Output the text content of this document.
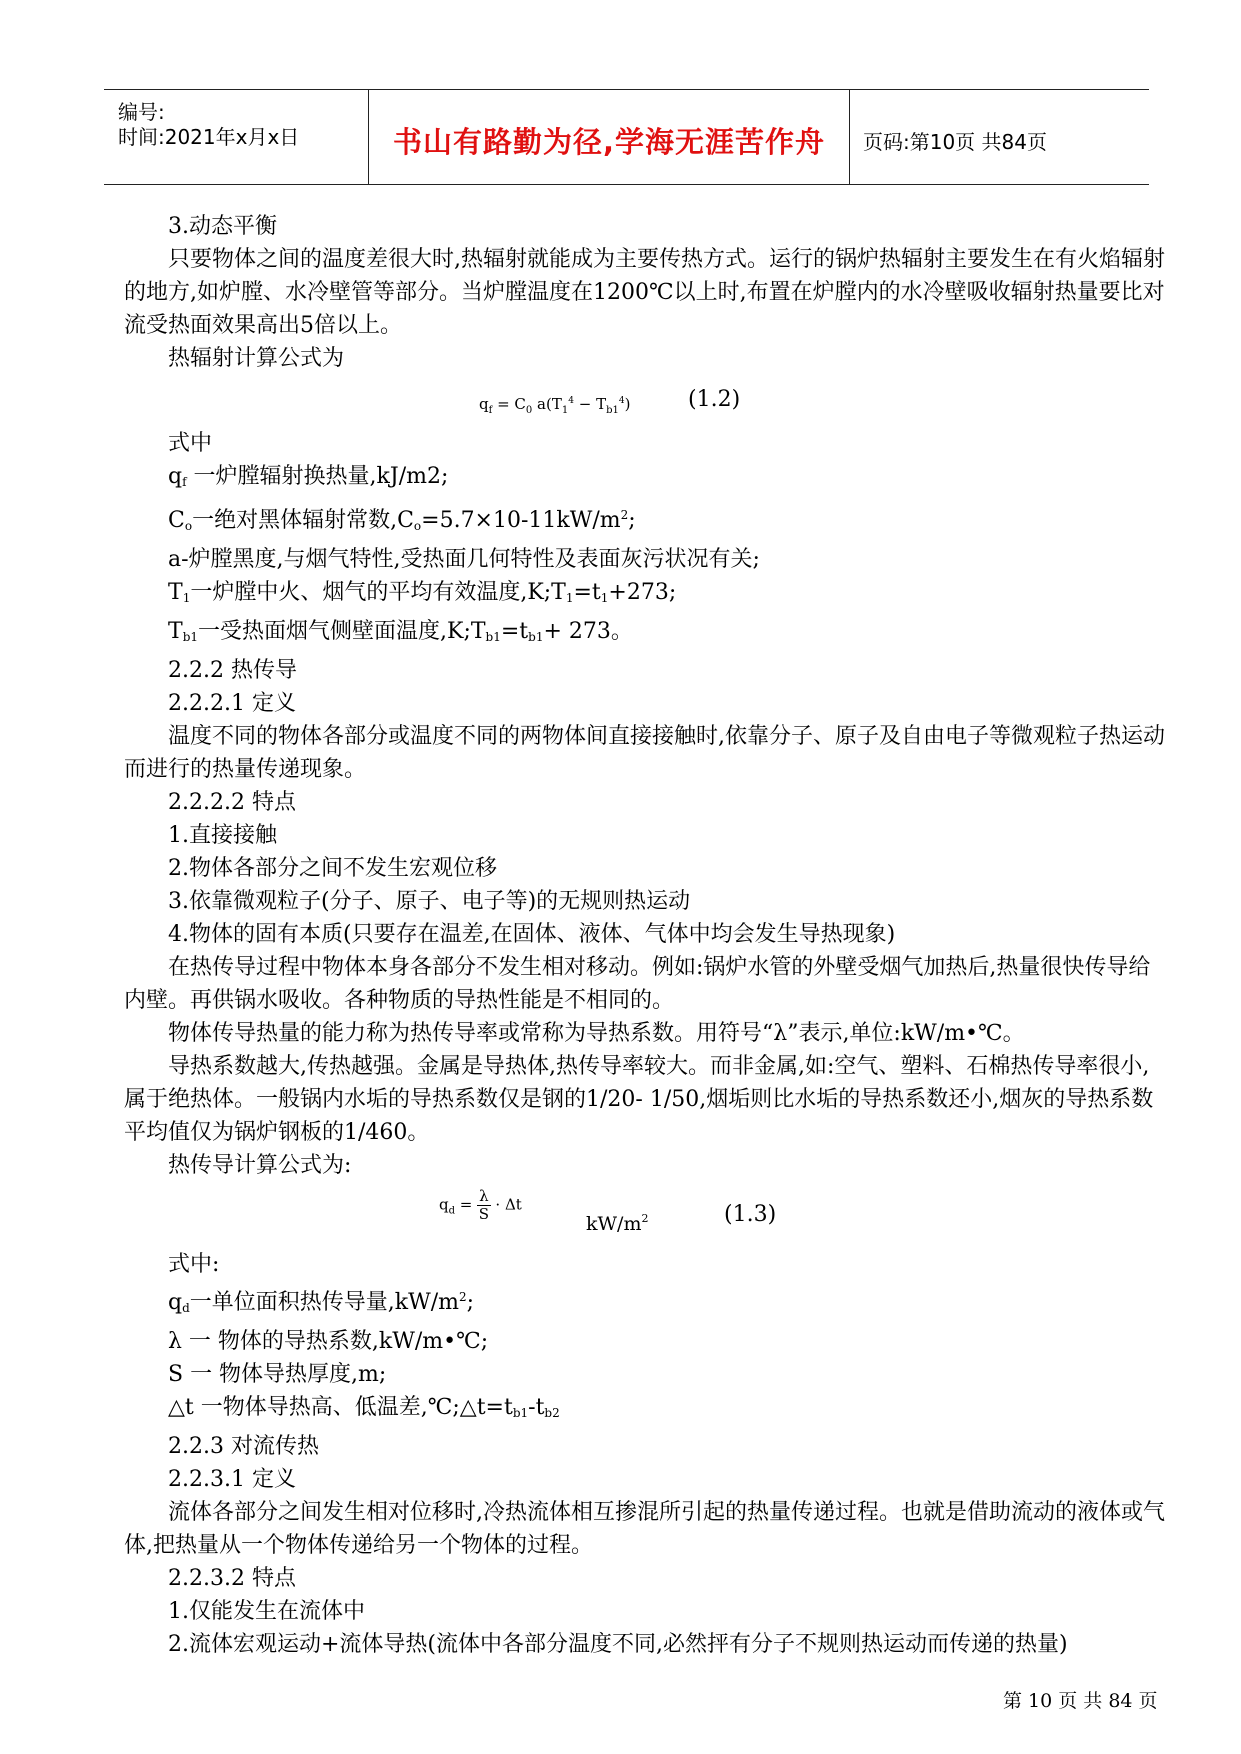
编号:
时间:2021年x月x日	书山有路勤为径,学海无涯苦作舟	页码:第10页 共84页

3.动态平衡

只要物体之间的温度差很大时,热辐射就能成为主要传热方式。运行的锅炉热辐射主要发生在有火焰辐射的地方,如炉膛、水冷壁管等部分。当炉膛温度在1200℃以上时,布置在炉膛内的水冷壁吸收辐射热量要比对流受热面效果高出5倍以上。

热辐射计算公式为

$q_f = C_0$ $a(T_1^4 - T_{b1}^4)$	(1.2)

式中

qf 一炉膛辐射换热量,kJ/m2;

Co一绝对黑体辐射常数$,Co=5.7\times 10-11kW/m^2$;

a-炉膛黑度,与烟气特性,受热面几何特性及表面灰污状况有关;

T1一炉膛中火、烟气的平均有效温度,K;T1=t1+273;

Tb1一受热面烟气侧壁面温度,K;Tb1=tb1+ 273。

2.2.2 热传导

2.2.2.1 定义

温度不同的物体各部分或温度不同的两物体间直接接触时,依靠分子、原子及自由电子等微观粒子热运动而进行的热量传递现象。

2.2.2.2 特点

1.直接接触

2.物体各部分之间不发生宏观位移

3.依靠微观粒子(分子、原子、电子等)的无规则热运动

4.物体的固有本质(只要存在温差,在固体、液体、气体中均会发生导热现象)

在热传导过程中物体本身各部分不发生相对移动。例如:锅炉水管的外壁受烟气加热后,热量很快传导给内壁。再供锅水吸收。各种物质的导热性能是不相同的。

物体传导热量的能力称为热传导率或常称为导热系数。用符号“λ”表示,单位:kW/m•℃。

导热系数越大,传热越强。金属是导热体,热传导率较大。而非金属,如:空气、塑料、石棉热传导率很小,属于绝热体。一般锅内水垢的导热系数仅是钢的1/20- 1/50,烟垢则比水垢的导热系数还小,烟灰的导热系数平均值仅为锅炉钢板的1/460。

热传导计算公式为:

$q_d = \frac{\lambda}{S} \cdot \Delta t$
$kW/m^2$	(1.3)

式中:

qd一单位面积热传导量$,kW/m^2$;

λ 一 物体的导热系数,kW/m•℃;

S 一 物体导热厚度,m;

△t 一物体导热高、低温差,℃;△t=tb1-tb2

2.2.3 对流传热

2.2.3.1 定义

流体各部分之间发生相对位移时,冷热流体相互掺混所引起的热量传递过程。也就是借助流动的液体或气体,把热量从一个物体传递给另一个物体的过程。

2.2.3.2 特点

1.仅能发生在流体中

2.流体宏观运动+流体导热(流体中各部分温度不同,必然抨有分子不规则热运动而传递的热量)

第 10 页 共 84 页
